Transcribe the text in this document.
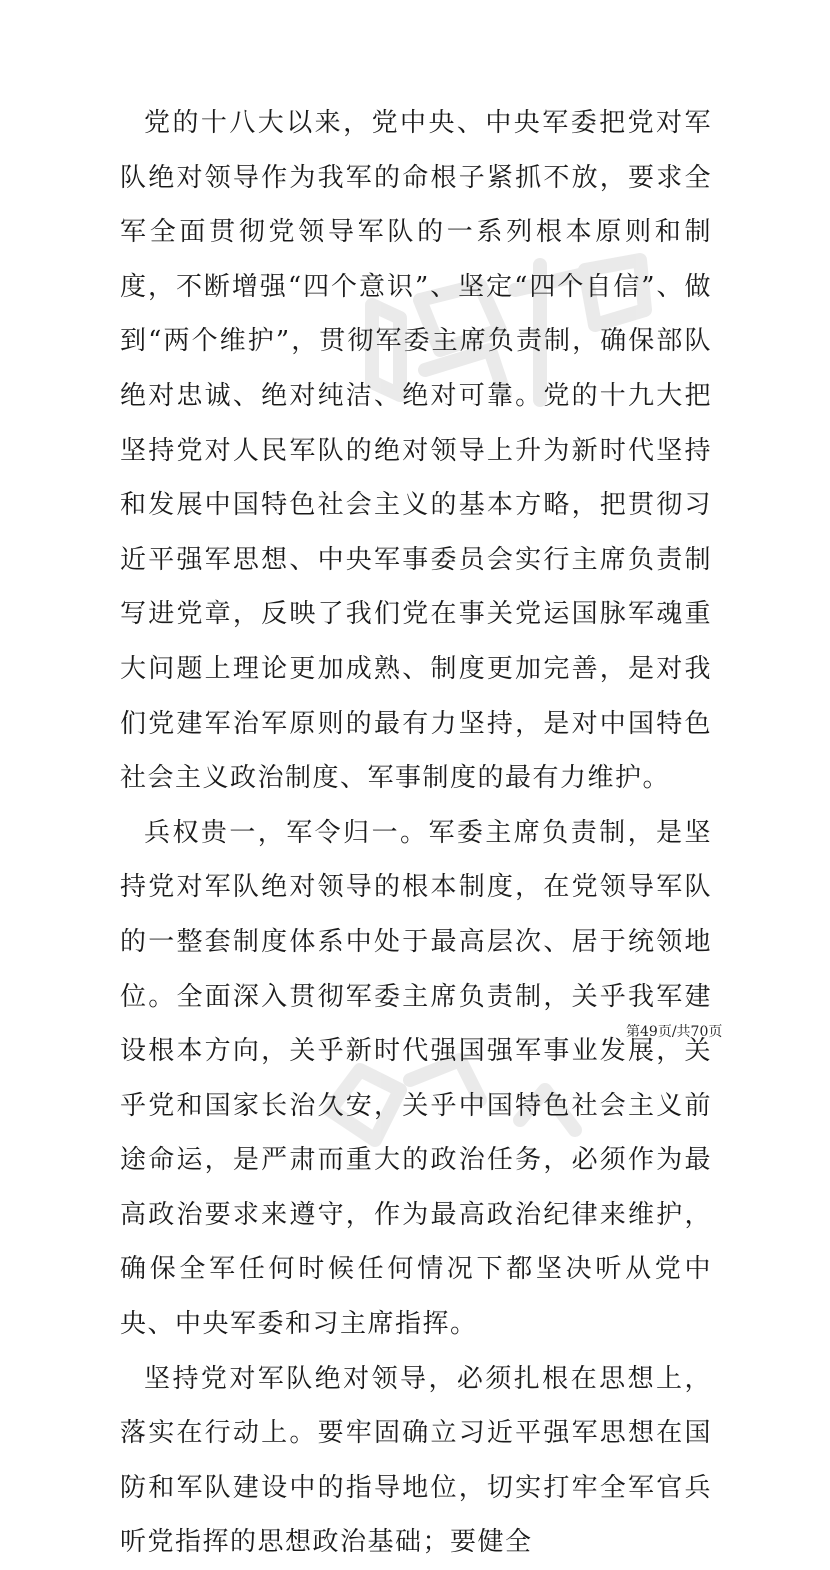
党的十八大以来，党中央、中央军委把党对军队绝对领导作为我军的命根子紧抓不放，要求全军全面贯彻党领导军队的一系列根本原则和制度，不断增强“四个意识”、坚定“四个自信”、做到“两个维护”，贯彻军委主席负责制，确保部队绝对忠诚、绝对纯洁、绝对可靠。党的十九大把坚持党对人民军队的绝对领导上升为新时代坚持和发展中国特色社会主义的基本方略，把贯彻习近平强军思想、中央军事委员会实行主席负责制写进党章，反映了我们党在事关党运国脉军魂重大问题上理论更加成熟、制度更加完善，是对我们党建军治军原则的最有力坚持，是对中国特色社会主义政治制度、军事制度的最有力维护。

兵权贵一，军令归一。军委主席负责制，是坚持党对军队绝对领导的根本制度，在党领导军队的一整套制度体系中处于最高层次、居于统领地位。全面深入贯彻军委主席负责制，关乎我军建设根本方向，关乎新时代强国强军事业发展，关乎党和国家长治久安，关乎中国特色社会主义前途命运，是严肃而重大的政治任务，必须作为最高政治要求来遵守，作为最高政治纪律来维护，确保全军任何时候任何情况下都坚决听从党中央、中央军委和习主席指挥。

坚持党对军队绝对领导，必须扎根在思想上，落实在行动上。要牢固确立习近平强军思想在国防和军队建设中的指导地位，切实打牢全军官兵听党指挥的思想政治基础；要健全

第49页/共70页
